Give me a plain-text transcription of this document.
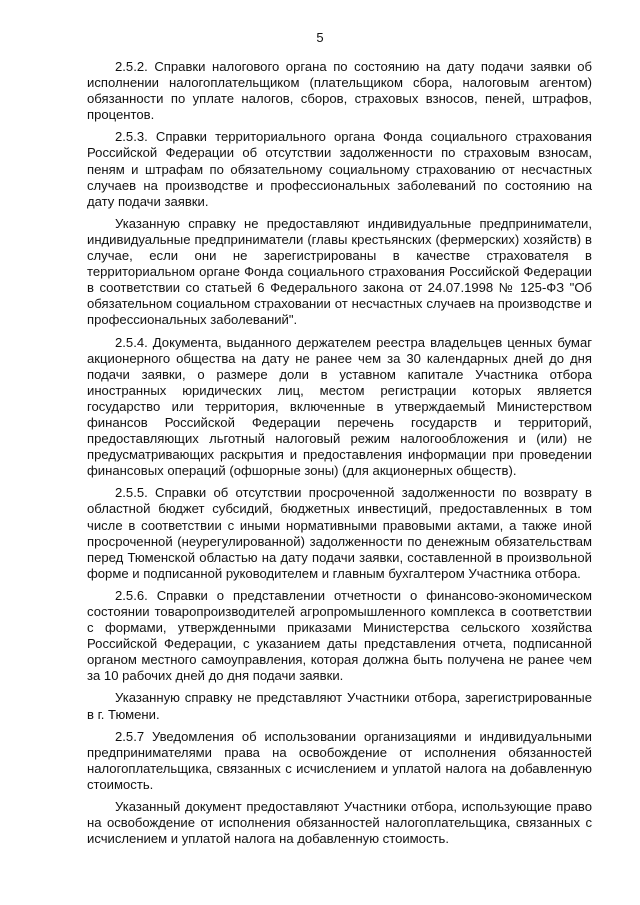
5

2.5.2. Справки налогового органа по состоянию на дату подачи заявки об исполнении налогоплательщиком (плательщиком сбора, налоговым агентом) обязанности по уплате налогов, сборов, страховых взносов, пеней, штрафов, процентов.

2.5.3. Справки территориального органа Фонда социального страхования Российской Федерации об отсутствии задолженности по страховым взносам, пеням и штрафам по обязательному социальному страхованию от несчастных случаев на производстве и профессиональных заболеваний по состоянию на дату подачи заявки.

Указанную справку не предоставляют индивидуальные предприниматели, индивидуальные предприниматели (главы крестьянских (фермерских) хозяйств) в случае, если они не зарегистрированы в качестве страхователя в территориальном органе Фонда социального страхования Российской Федерации в соответствии со статьей 6 Федерального закона от 24.07.1998 № 125-ФЗ "Об обязательном социальном страховании от несчастных случаев на производстве и профессиональных заболеваний".

2.5.4. Документа, выданного держателем реестра владельцев ценных бумаг акционерного общества на дату не ранее чем за 30 календарных дней до дня подачи заявки, о размере доли в уставном капитале Участника отбора иностранных юридических лиц, местом регистрации которых является государство или территория, включенные в утверждаемый Министерством финансов Российской Федерации перечень государств и территорий, предоставляющих льготный налоговый режим налогообложения и (или) не предусматривающих раскрытия и предоставления информации при проведении финансовых операций (офшорные зоны) (для акционерных обществ).

2.5.5. Справки об отсутствии просроченной задолженности по возврату в областной бюджет субсидий, бюджетных инвестиций, предоставленных в том числе в соответствии с иными нормативными правовыми актами, а также иной просроченной (неурегулированной) задолженности по денежным обязательствам перед Тюменской областью на дату подачи заявки, составленной в произвольной форме и подписанной руководителем и главным бухгалтером Участника отбора.

2.5.6. Справки о представлении отчетности о финансово-экономическом состоянии товаропроизводителей агропромышленного комплекса в соответствии с формами, утвержденными приказами Министерства сельского хозяйства Российской Федерации, с указанием даты представления отчета, подписанной органом местного самоуправления, которая должна быть получена не ранее чем за 10 рабочих дней до дня подачи заявки.

Указанную справку не представляют Участники отбора, зарегистрированные в г. Тюмени.

2.5.7 Уведомления об использовании организациями и индивидуальными предпринимателями права на освобождение от исполнения обязанностей налогоплательщика, связанных с исчислением и уплатой налога на добавленную стоимость.

Указанный документ предоставляют Участники отбора, использующие право на освобождение от исполнения обязанностей налогоплательщика, связанных с исчислением и уплатой налога на добавленную стоимость.
